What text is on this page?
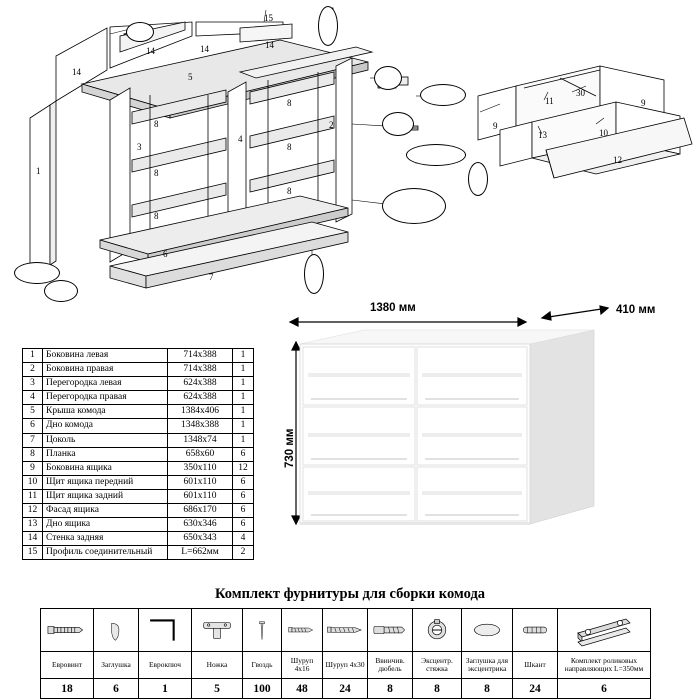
1
2
3
4
5
6
7
8
8
8
8
8
8
9
9
10
11
12
13
14
14	14	14
15
30
1	Боковина левая	714x388	1
2	Боковина правая	714x388	1
3	Перегородка левая	624x388	1
4	Перегородка правая	624x388	1
5	Крыша комода	1384x406	1
6	Дно комода	1348x388	1
7	Цоколь	1348x74	1
8	Планка	658x60	6
9	Боковина ящика	350x110	12
10	Щит ящика передний	601x110	6
11	Щит ящика задний	601x110	6
12	Фасад ящика	686x170	6
13	Дно ящика	630x346	6
14	Стенка задняя	650x343	4
15	Профиль соединительный	L=662мм	2
1380 мм	410 мм
730 мм
Комплект фурнитуры для сборки комода

Евровинт	Заглушка	Еврокпюч	Ножка	Гвоздь	Шуруп 4х16	Шуруп 4х30	Ввинчив. дюбель	Эксцентр. стяжка	Заглушка для эксцентрика	Шкант	Комплект роликовых направляющих L=350мм
18	6	1	5	100	48	24	8	8	8	24	6
